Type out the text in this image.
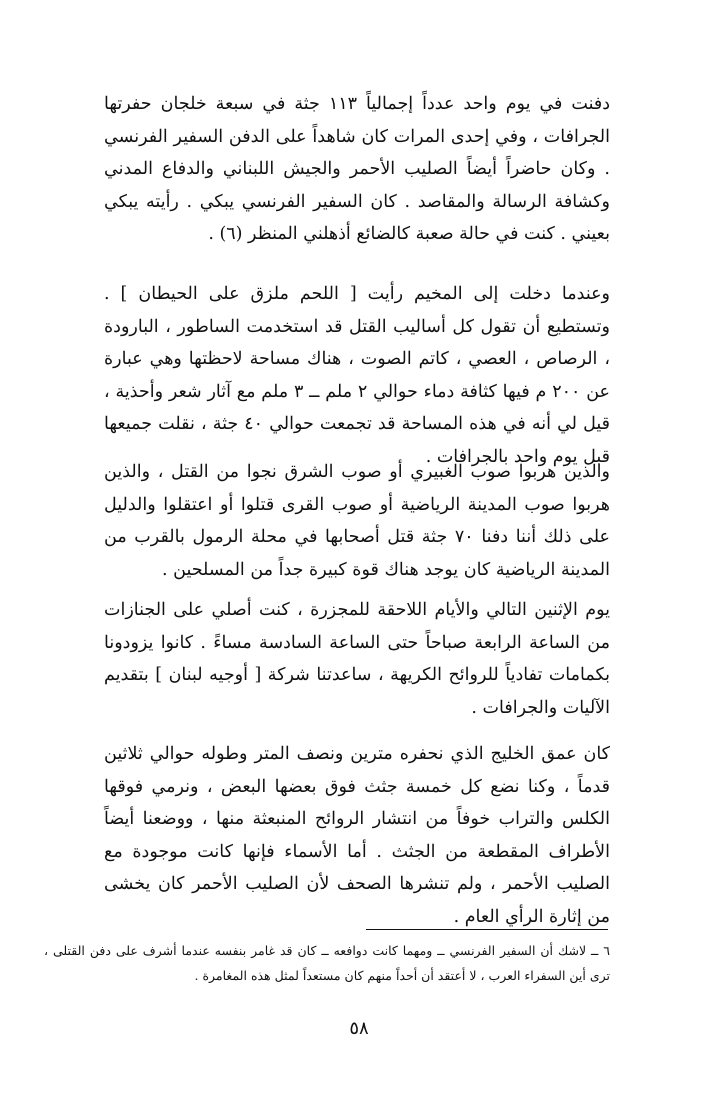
دفنت في يوم واحد عدداً إجمالياً ١١٣ جثة في سبعة خلجان حفرتها الجرافات ، وفي إحدى المرات كان شاهداً على الدفن السفير الفرنسي . وكان حاضراً أيضاً الصليب الأحمر والجيش اللبناني والدفاع المدني وكشافة الرسالة والمقاصد . كان السفير الفرنسي يبكي . رأيته يبكي بعيني . كنت في حالة صعبة كالضائع أذهلني المنظر (٦) .

وعندما دخلت إلى المخيم رأيت [ اللحم ملزق على الحيطان ] . وتستطيع أن تقول كل أساليب القتل قد استخدمت الساطور ، البارودة ، الرصاص ، العصي ، كاتم الصوت ، هناك مساحة لاحظتها وهي عبارة عن ٢٠٠ م فيها كثافة دماء حوالي ٢ ملم ــ ٣ ملم مع آثار شعر وأحذية ، قيل لي أنه في هذه المساحة قد تجمعت حوالي ٤٠ جثة ، نقلت جميعها قبل يوم واحد بالجرافات .

والذين هربوا صوب الغبيري أو صوب الشرق نجوا من القتل ، والذين هربوا صوب المدينة الرياضية أو صوب القرى قتلوا أو اعتقلوا والدليل على ذلك أننا دفنا ٧٠ جثة قتل أصحابها في محلة الرمول بالقرب من المدينة الرياضية كان يوجد هناك قوة كبيرة جداً من المسلحين .

يوم الإثنين التالي والأيام اللاحقة للمجزرة ، كنت أصلي على الجنازات من الساعة الرابعة صباحاً حتى الساعة السادسة مساءً . كانوا يزودونا بكمامات تفادياً للروائح الكريهة ، ساعدتنا شركة [ أوجيه لبنان ] بتقديم الآليات والجرافات .

كان عمق الخليج الذي نحفره مترين ونصف المتر وطوله حوالي ثلاثين قدماً ، وكنا نضع كل خمسة جثث فوق بعضها البعض ، ونرمي فوقها الكلس والتراب خوفاً من انتشار الروائح المنبعثة منها ، ووضعنا أيضاً الأطراف المقطعة من الجثث . أما الأسماء فإنها كانت موجودة مع الصليب الأحمر ، ولم تنشرها الصحف لأن الصليب الأحمر كان يخشى من إثارة الرأي العام .

٦ ــ لاشك أن السفير الفرنسي ــ ومهما كانت دوافعه ــ كان قد غامر بنفسه عندما أشرف على دفن القتلى ، ترى أين السفراء العرب ، لا أعتقد أن أحداً منهم كان مستعداً لمثل هذه المغامرة .

٥٨
